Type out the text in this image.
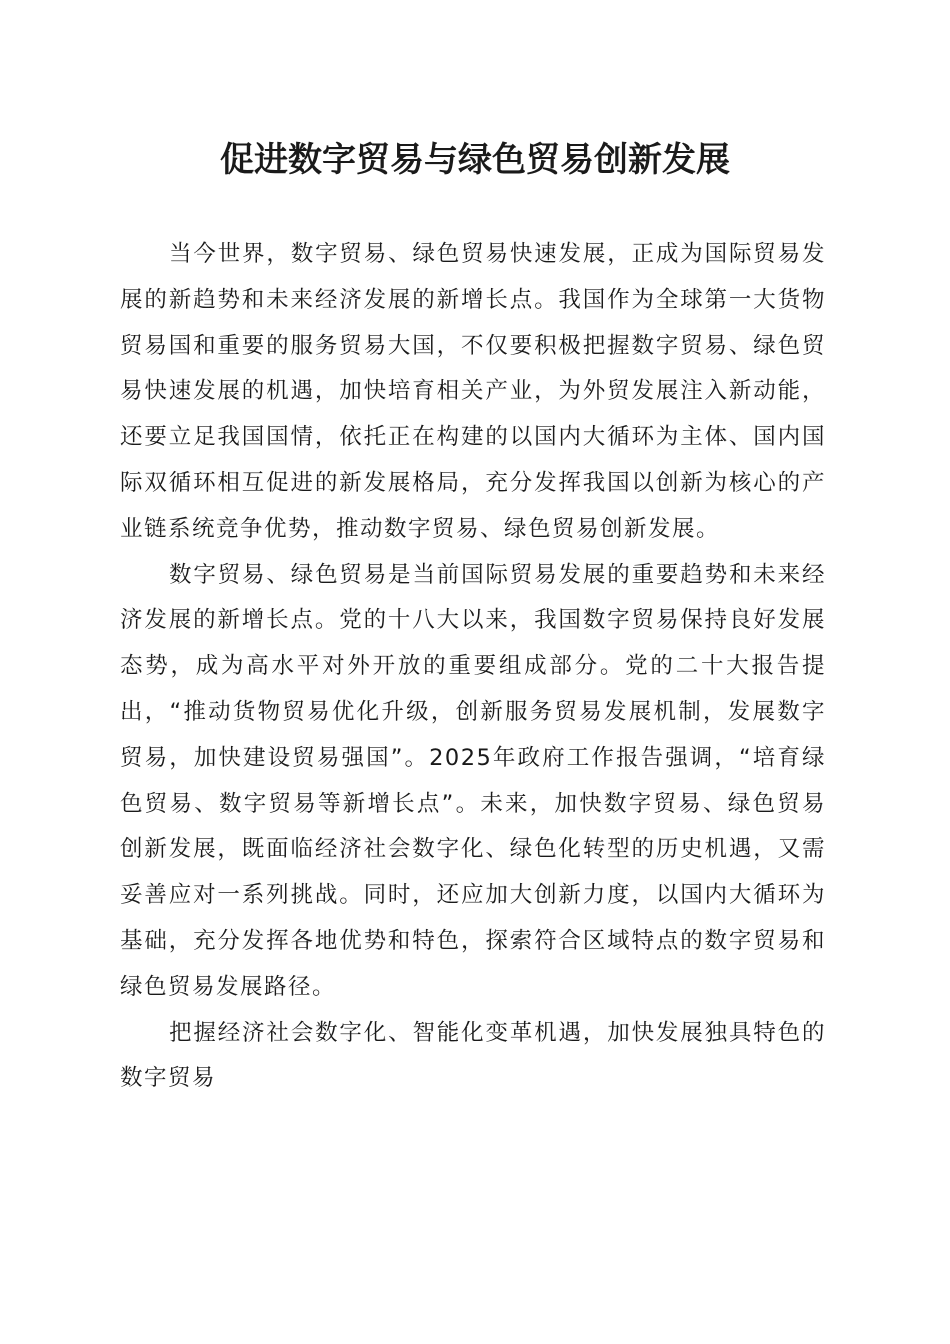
促进数字贸易与绿色贸易创新发展

当今世界，数字贸易、绿色贸易快速发展，正成为国际贸易发展的新趋势和未来经济发展的新增长点。我国作为全球第一大货物贸易国和重要的服务贸易大国，不仅要积极把握数字贸易、绿色贸易快速发展的机遇，加快培育相关产业，为外贸发展注入新动能，还要立足我国国情，依托正在构建的以国内大循环为主体、国内国际双循环相互促进的新发展格局，充分发挥我国以创新为核心的产业链系统竞争优势，推动数字贸易、绿色贸易创新发展。

数字贸易、绿色贸易是当前国际贸易发展的重要趋势和未来经济发展的新增长点。党的十八大以来，我国数字贸易保持良好发展态势，成为高水平对外开放的重要组成部分。党的二十大报告提出，“推动货物贸易优化升级，创新服务贸易发展机制，发展数字贸易，加快建设贸易强国”。2025年政府工作报告强调，“培育绿色贸易、数字贸易等新增长点”。未来，加快数字贸易、绿色贸易创新发展，既面临经济社会数字化、绿色化转型的历史机遇，又需妥善应对一系列挑战。同时，还应加大创新力度，以国内大循环为基础，充分发挥各地优势和特色，探索符合区域特点的数字贸易和绿色贸易发展路径。

把握经济社会数字化、智能化变革机遇，加快发展独具特色的数字贸易
